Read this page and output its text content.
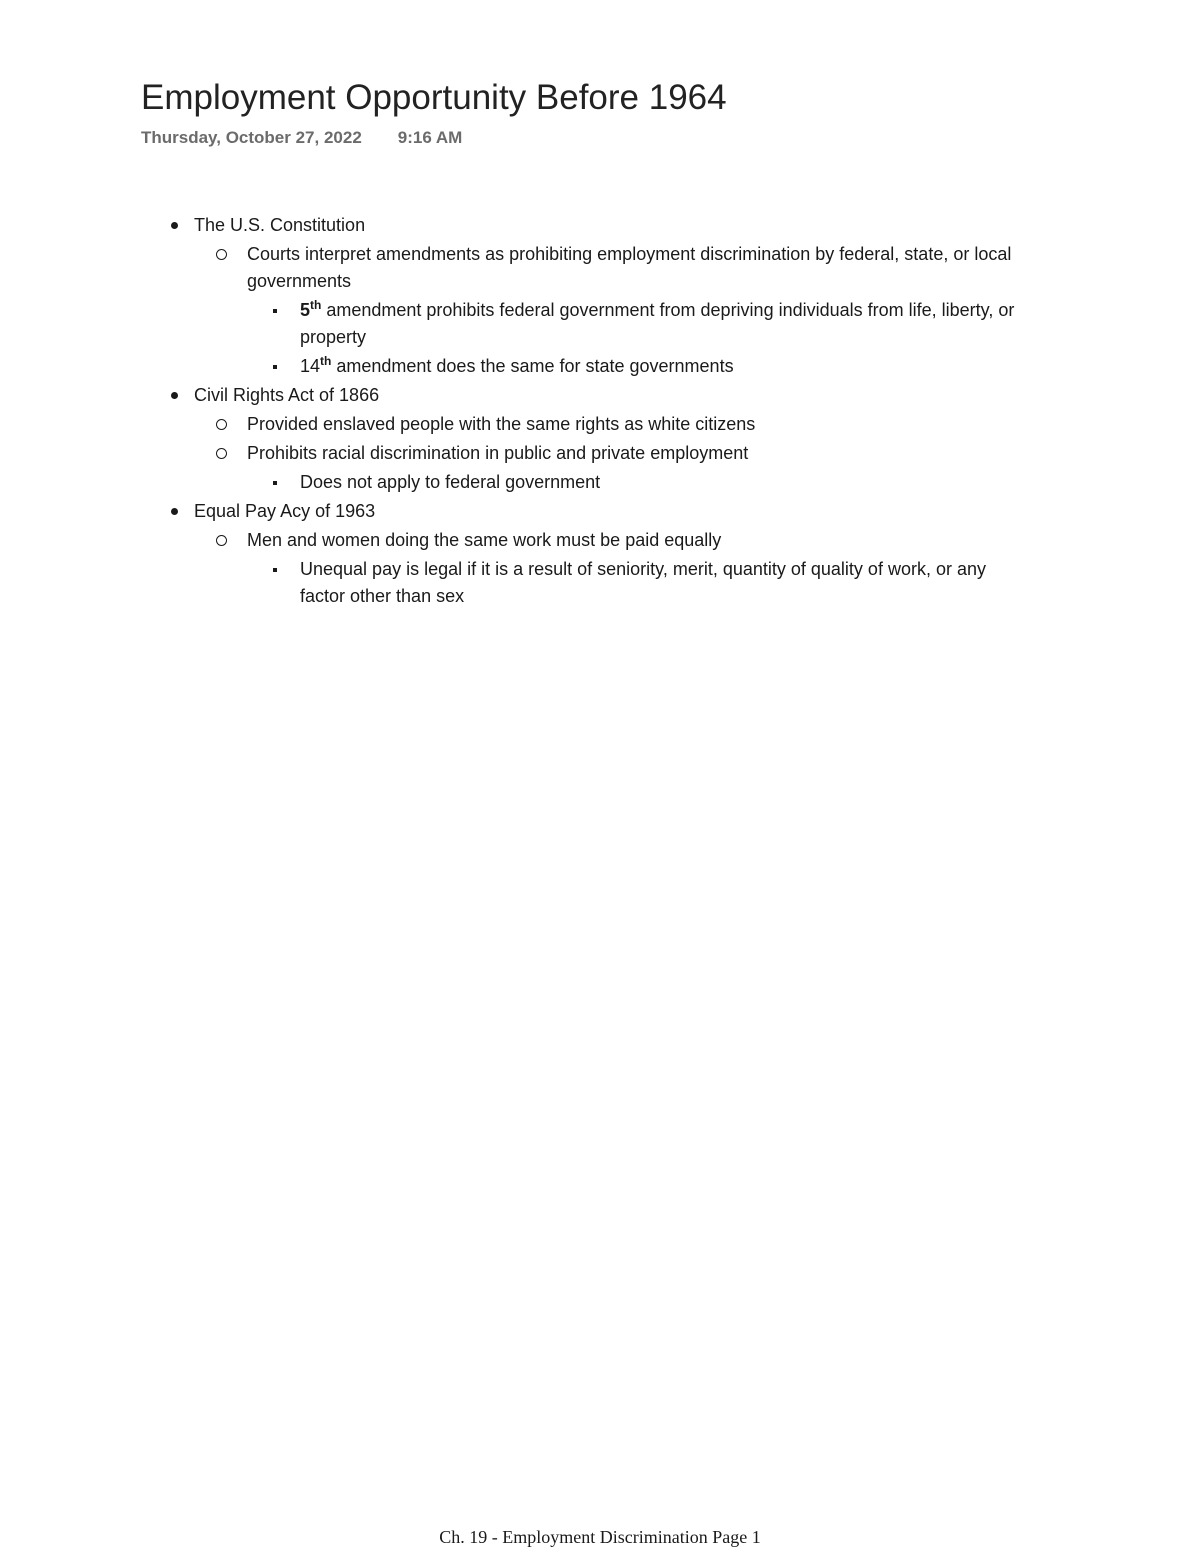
Employment Opportunity Before 1964
Thursday, October 27, 2022 9:16 AM
The U.S. Constitution
Courts interpret amendments as prohibiting employment discrimination by federal, state, or local governments
5th amendment prohibits federal government from depriving individuals from life, liberty, or property
14th amendment does the same for state governments
Civil Rights Act of 1866
Provided enslaved people with the same rights as white citizens
Prohibits racial discrimination in public and private employment
Does not apply to federal government
Equal Pay Acy of 1963
Men and women doing the same work must be paid equally
Unequal pay is legal if it is a result of seniority, merit, quantity of quality of work, or any factor other than sex
Ch. 19 - Employment Discrimination Page 1
